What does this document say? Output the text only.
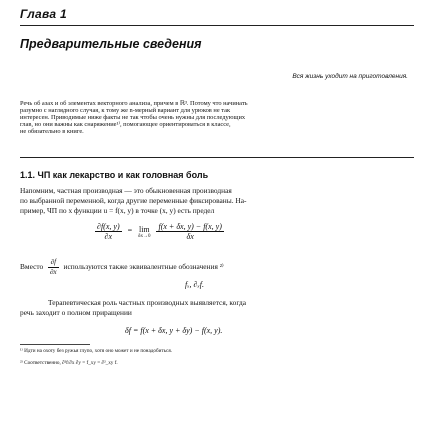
Глава 1
Предварительные сведения
Вся жизнь уходит на приготовления.
Речь об азах и об элементах векторного анализа, причем в ℝ³. Потому что начинать
разумно с наглядного случая, к тому же n-мерный вариант для урюков не так
интересен. Приводимые ниже факты не так чтобы очень нужны для последующих
глав, но они важны как снаряжение¹⁾, помогающее ориентироваться в классе,
не обязательно в книге.
1.1. ЧП как лекарство и как головная боль
Напомним, частная производная — это обыкновенная производная
по выбранной переменной, когда другие переменные фиксированы. На-
пример, ЧП по x функции u = f(x, y) в точке (x, y) есть предел
$\frac{\partial f(x, y)}{\partial x} = \lim$
δx→0
$\frac{f(x + \delta x, y) - f(x, y)}{\delta x}$
Вместо $\frac{\partial f}{\partial x}$ используются также эквивалентные обозначения ²⁾
fₓ, ∂ₓf.
Терапевтическая роль частных производных выявляется, когда
речь заходит о полном приращении
δf = f(x + δx, y + δy) − f(x, y).
¹⁾ Идти на охоту без ружья глупо, хотя оно может и не понадобиться.
²⁾ Соответственно, ∂²f/∂x ∂y = f_xy = ∂²_xy f.
